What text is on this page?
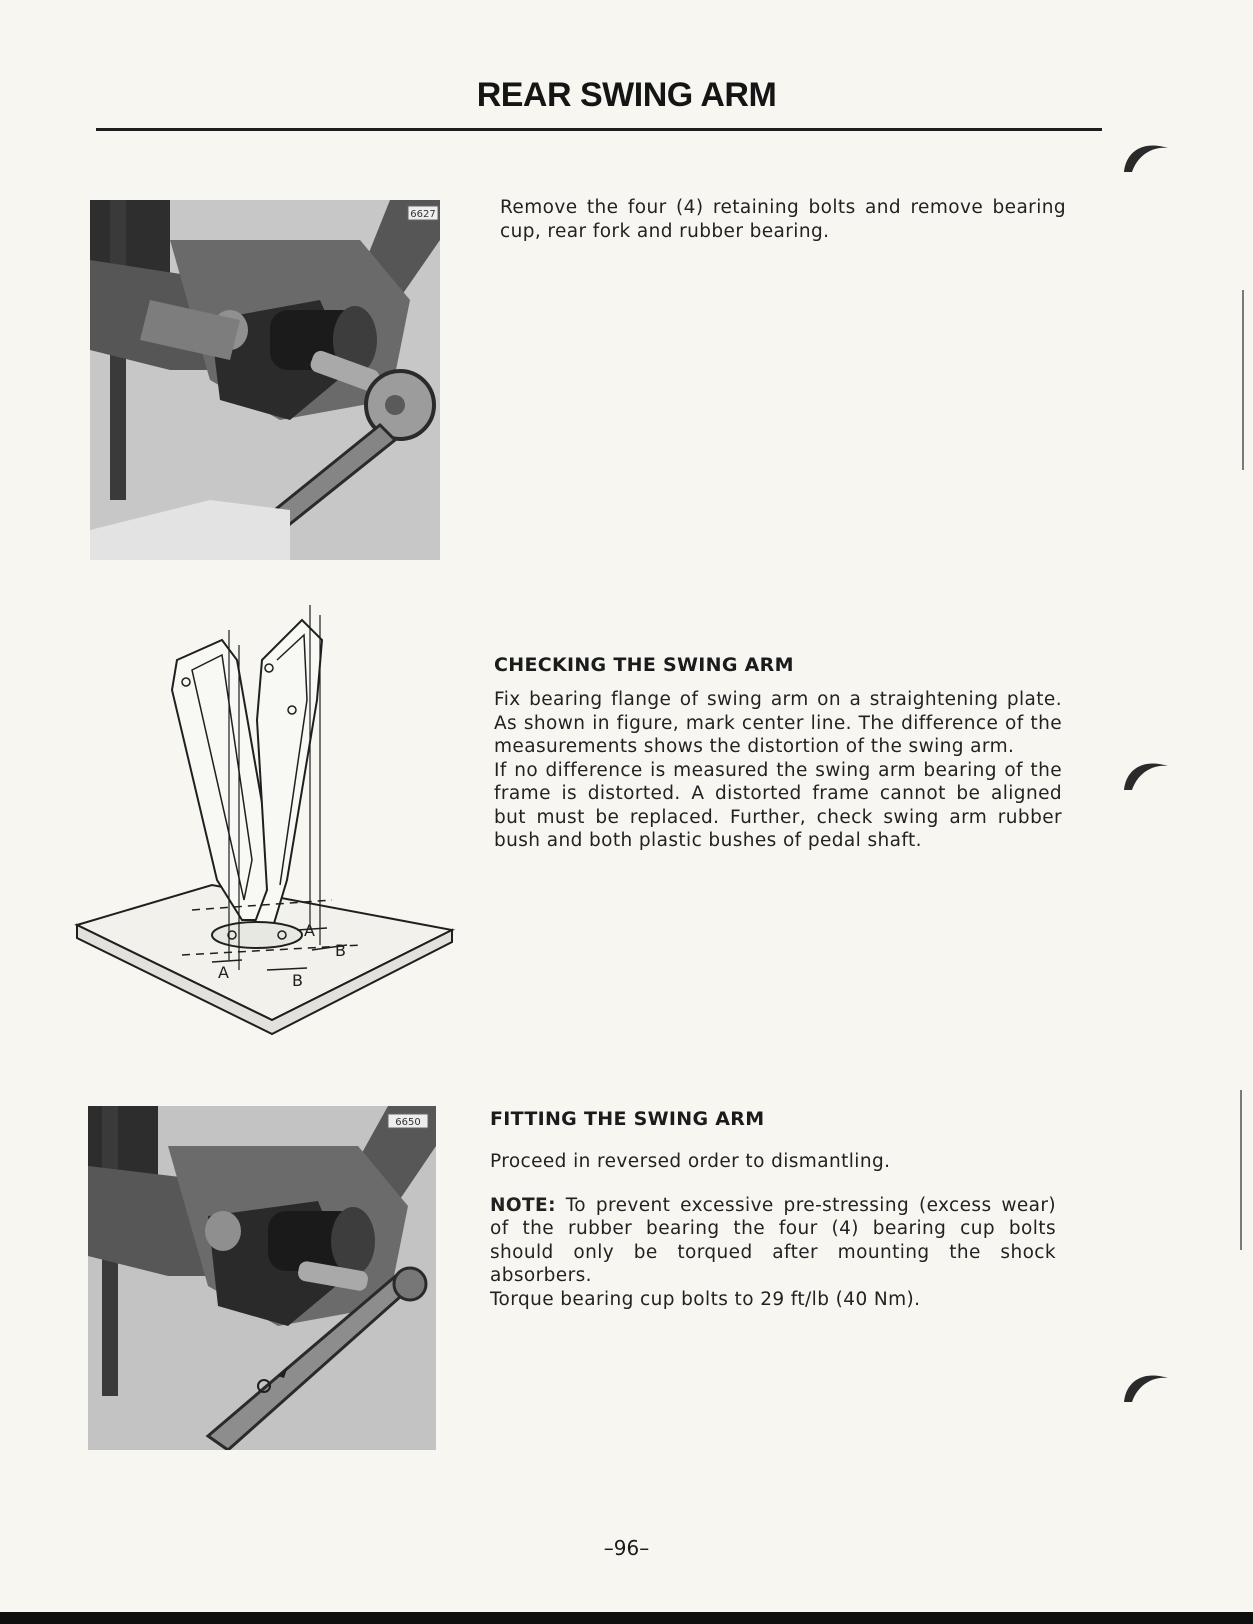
REAR SWING ARM
6627	Remove the four (4) retaining bolts and remove bearing cup, rear fork and rubber bearing.

A	B
A
B
CHECKING THE SWING ARM

Fix bearing flange of swing arm on a straightening plate. As shown in figure, mark center line. The difference of the measurements shows the distortion of the swing arm.

If no difference is measured the swing arm bearing of the frame is distorted. A distorted frame cannot be aligned but must be replaced. Further, check swing arm rubber bush and both plastic bushes of pedal shaft.

6650	FITTING THE SWING ARM

Proceed in reversed order to dismantling.

NOTE: To prevent excessive pre-stressing (excess wear) of the rubber bearing the four (4) bearing cup bolts should only be torqued after mounting the shock absorbers.

Torque bearing cup bolts to 29 ft/lb (40 Nm).

–96–
